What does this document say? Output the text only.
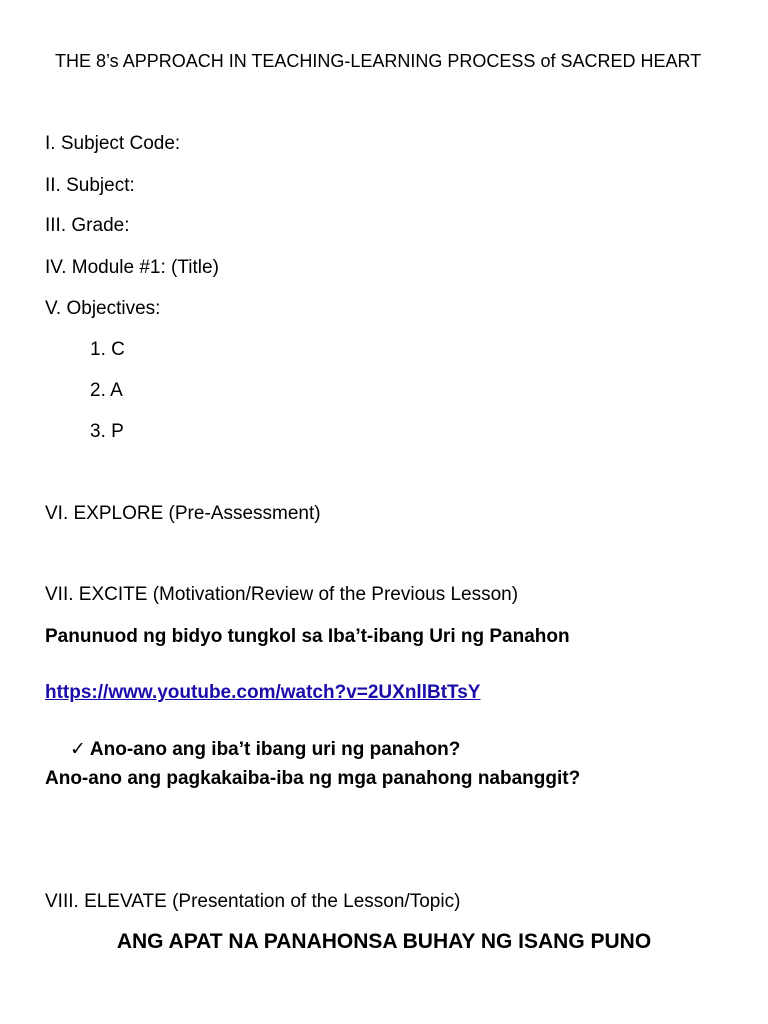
THE 8’s APPROACH IN TEACHING-LEARNING PROCESS of SACRED HEART
I. Subject Code:
II. Subject:
III. Grade:
IV. Module #1: (Title)
V. Objectives:
1. C
2. A
3. P
VI. EXPLORE (Pre-Assessment)
VII. EXCITE (Motivation/Review of the Previous Lesson)
Panunuod ng bidyo tungkol sa Iba’t-ibang Uri ng Panahon
https://www.youtube.com/watch?v=2UXnllBtTsY
✓ Ano-ano ang iba’t ibang uri ng panahon?
Ano-ano ang pagkakaiba-iba ng mga panahong nabanggit?
VIII. ELEVATE (Presentation of the Lesson/Topic)
ANG APAT NA PANAHONSA BUHAY NG ISANG PUNO
